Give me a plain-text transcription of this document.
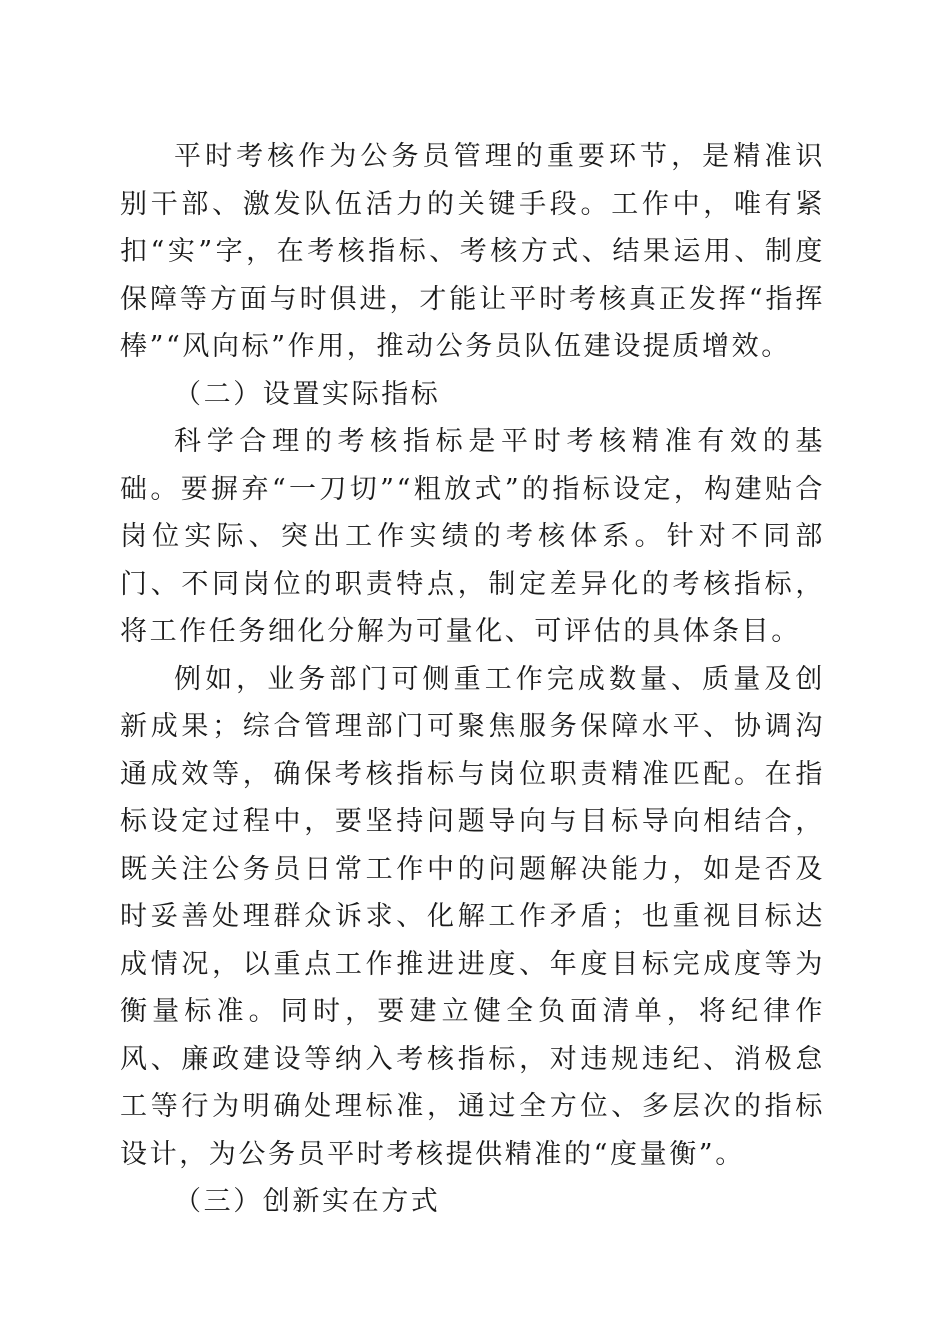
平时考核作为公务员管理的重要环节，是精准识别干部、激发队伍活力的关键手段。工作中，唯有紧扣“实”字，在考核指标、考核方式、结果运用、制度保障等方面与时俱进，才能让平时考核真正发挥“指挥棒”“风向标”作用，推动公务员队伍建设提质增效。

（二）设置实际指标

科学合理的考核指标是平时考核精准有效的基础。要摒弃“一刀切”“粗放式”的指标设定，构建贴合岗位实际、突出工作实绩的考核体系。针对不同部门、不同岗位的职责特点，制定差异化的考核指标，将工作任务细化分解为可量化、可评估的具体条目。

例如，业务部门可侧重工作完成数量、质量及创新成果；综合管理部门可聚焦服务保障水平、协调沟通成效等，确保考核指标与岗位职责精准匹配。在指标设定过程中，要坚持问题导向与目标导向相结合，既关注公务员日常工作中的问题解决能力，如是否及时妥善处理群众诉求、化解工作矛盾；也重视目标达成情况，以重点工作推进进度、年度目标完成度等为衡量标准。同时，要建立健全负面清单，将纪律作风、廉政建设等纳入考核指标，对违规违纪、消极怠工等行为明确处理标准，通过全方位、多层次的指标设计，为公务员平时考核提供精准的“度量衡”。

（三）创新实在方式
